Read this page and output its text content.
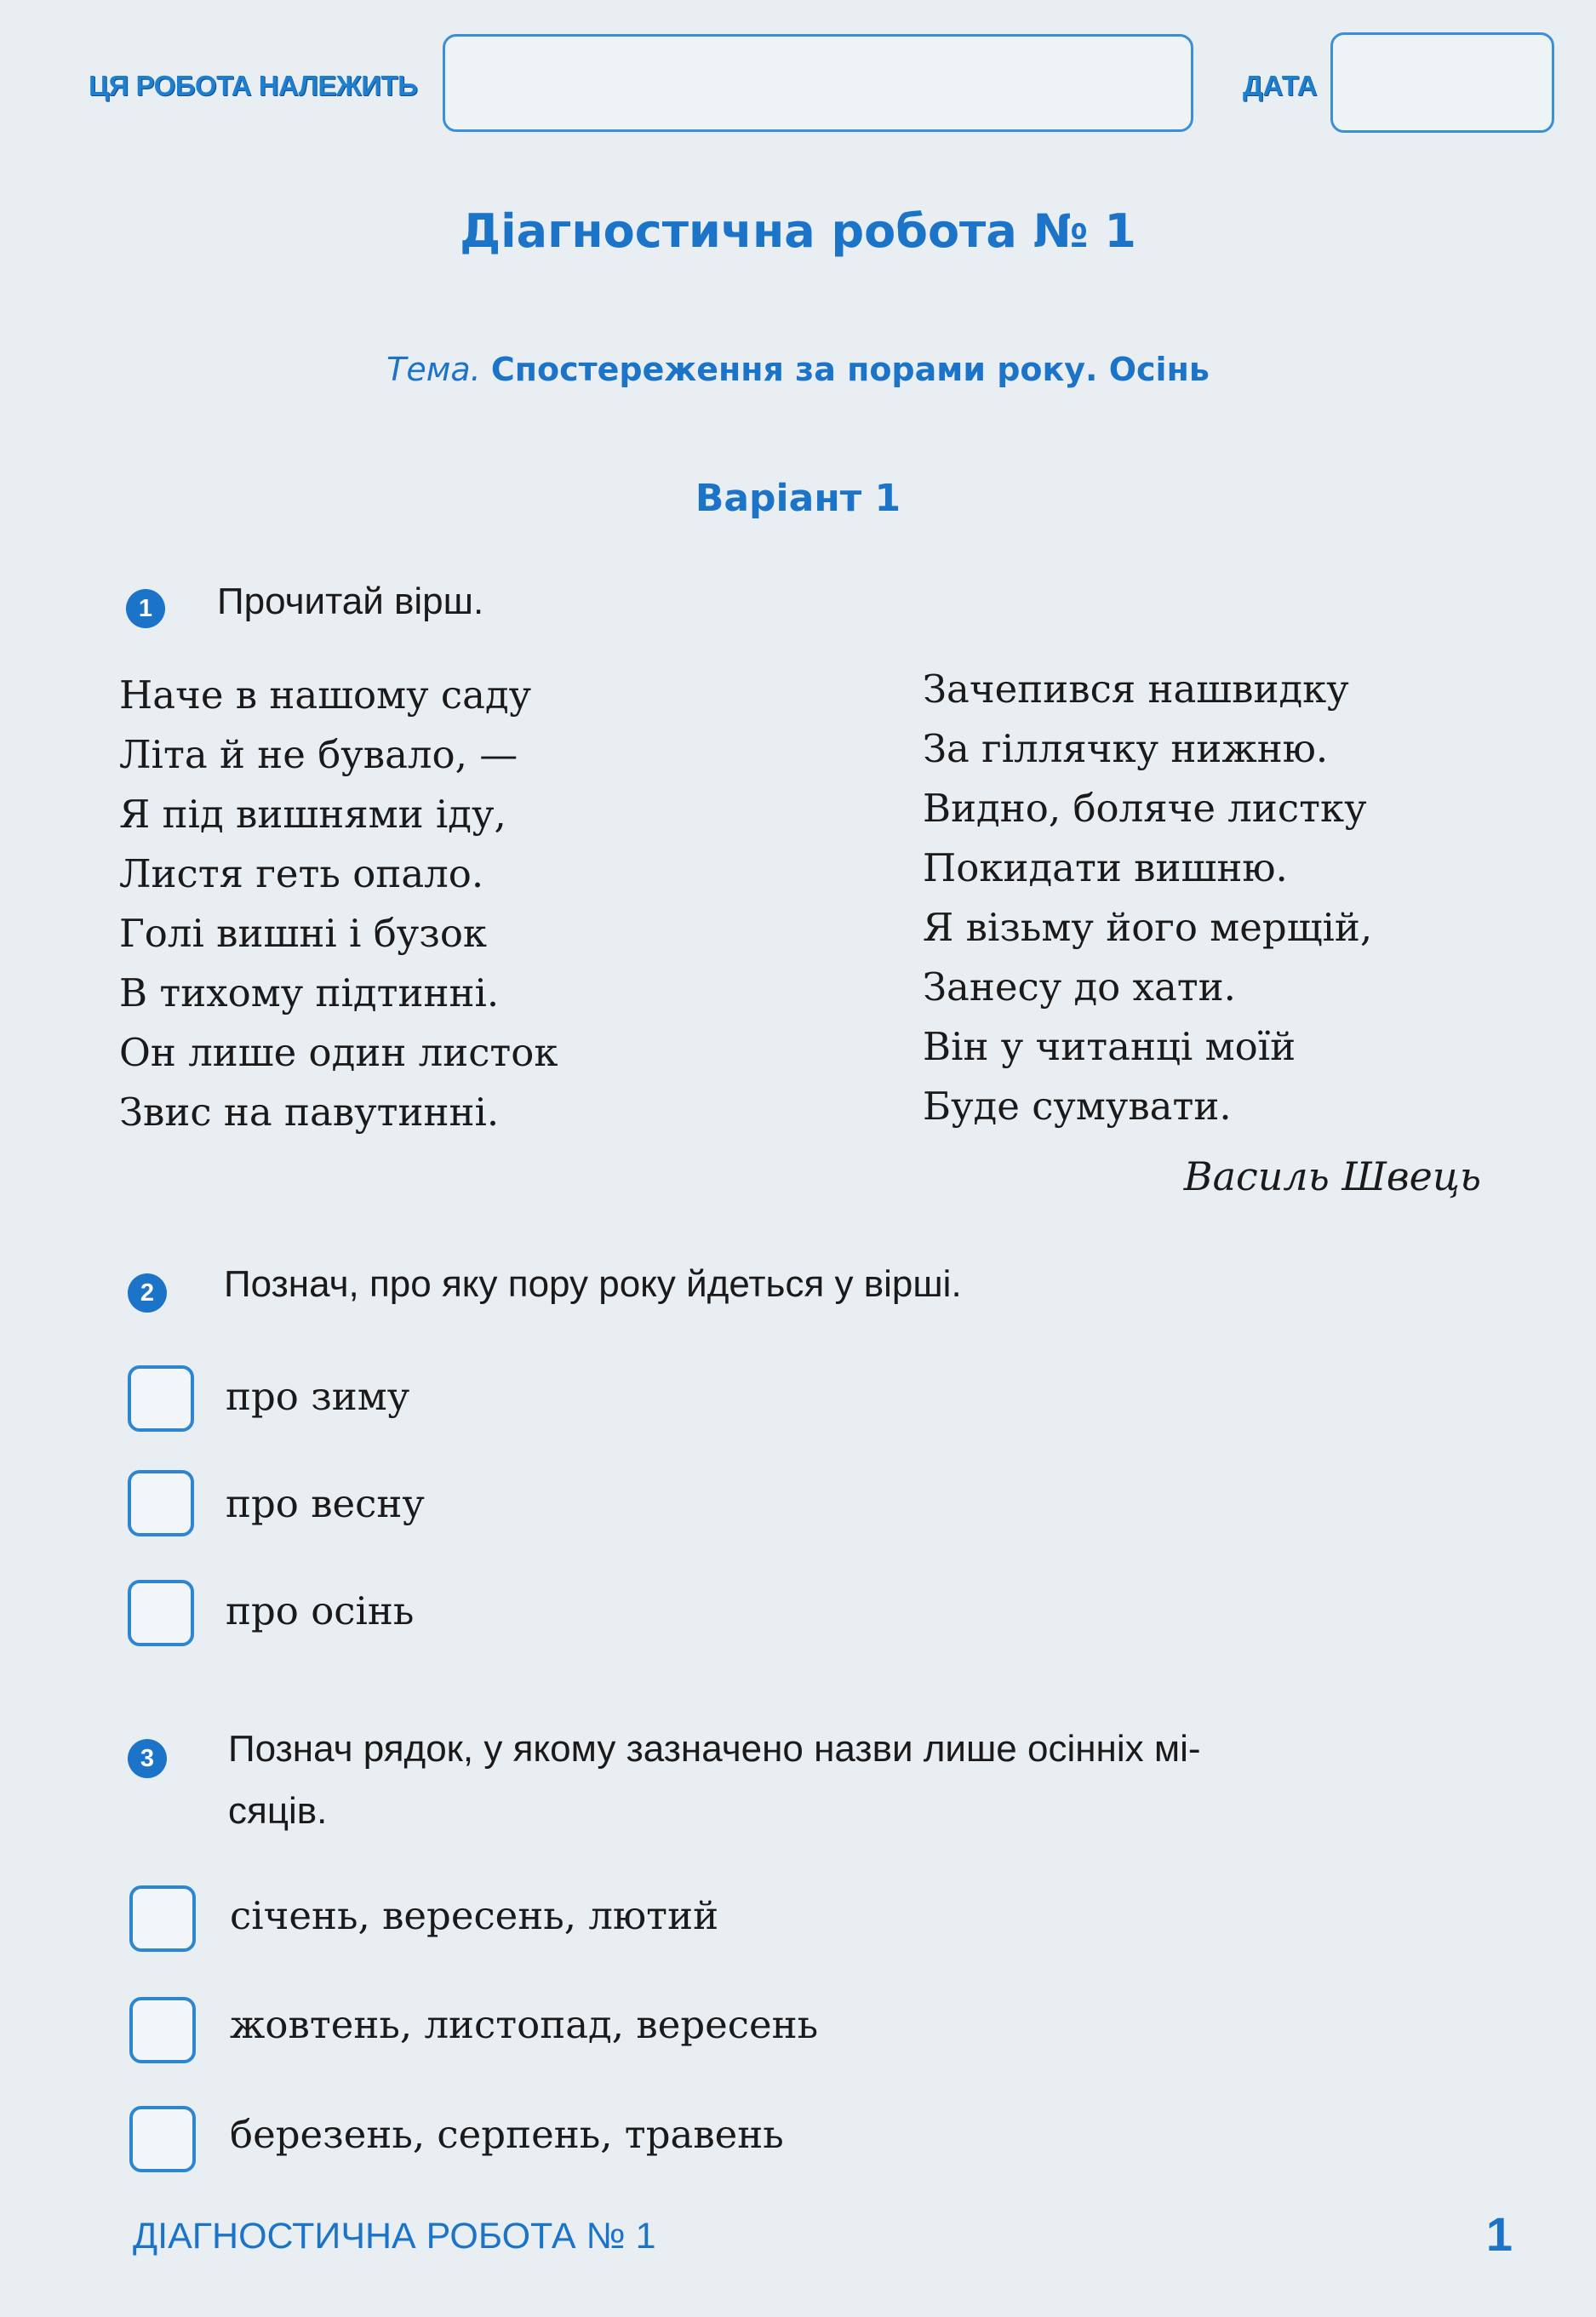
ЦЯ РОБОТА НАЛЕЖИТЬ	ДАТА
Діагностична робота № 1
Тема. Спостереження за порами року. Осінь
Варіант 1
1	Прочитай вірш.
Наче в нашому саду
Літа й не бувало, —
Я під вишнями іду,
Листя геть опало.
Голі вишні і бузок
В тихому підтинні.
Он лише один листок
Звис на павутинні.
Зачепився нашвидку
За гіллячку нижню.
Видно, боляче листку
Покидати вишню.
Я візьму його мерщій,
Занесу до хати.
Він у читанці моїй
Буде сумувати.
Василь Швець
2	Познач, про яку пору року йдеться у вірші.
про зиму
про весну
про осінь
3	Познач рядок, у якому зазначено назви лише осінніх мі-
сяців.
січень, вересень, лютий
жовтень, листопад, вересень
березень, серпень, травень
ДІАГНОСТИЧНА РОБОТА № 1	1
